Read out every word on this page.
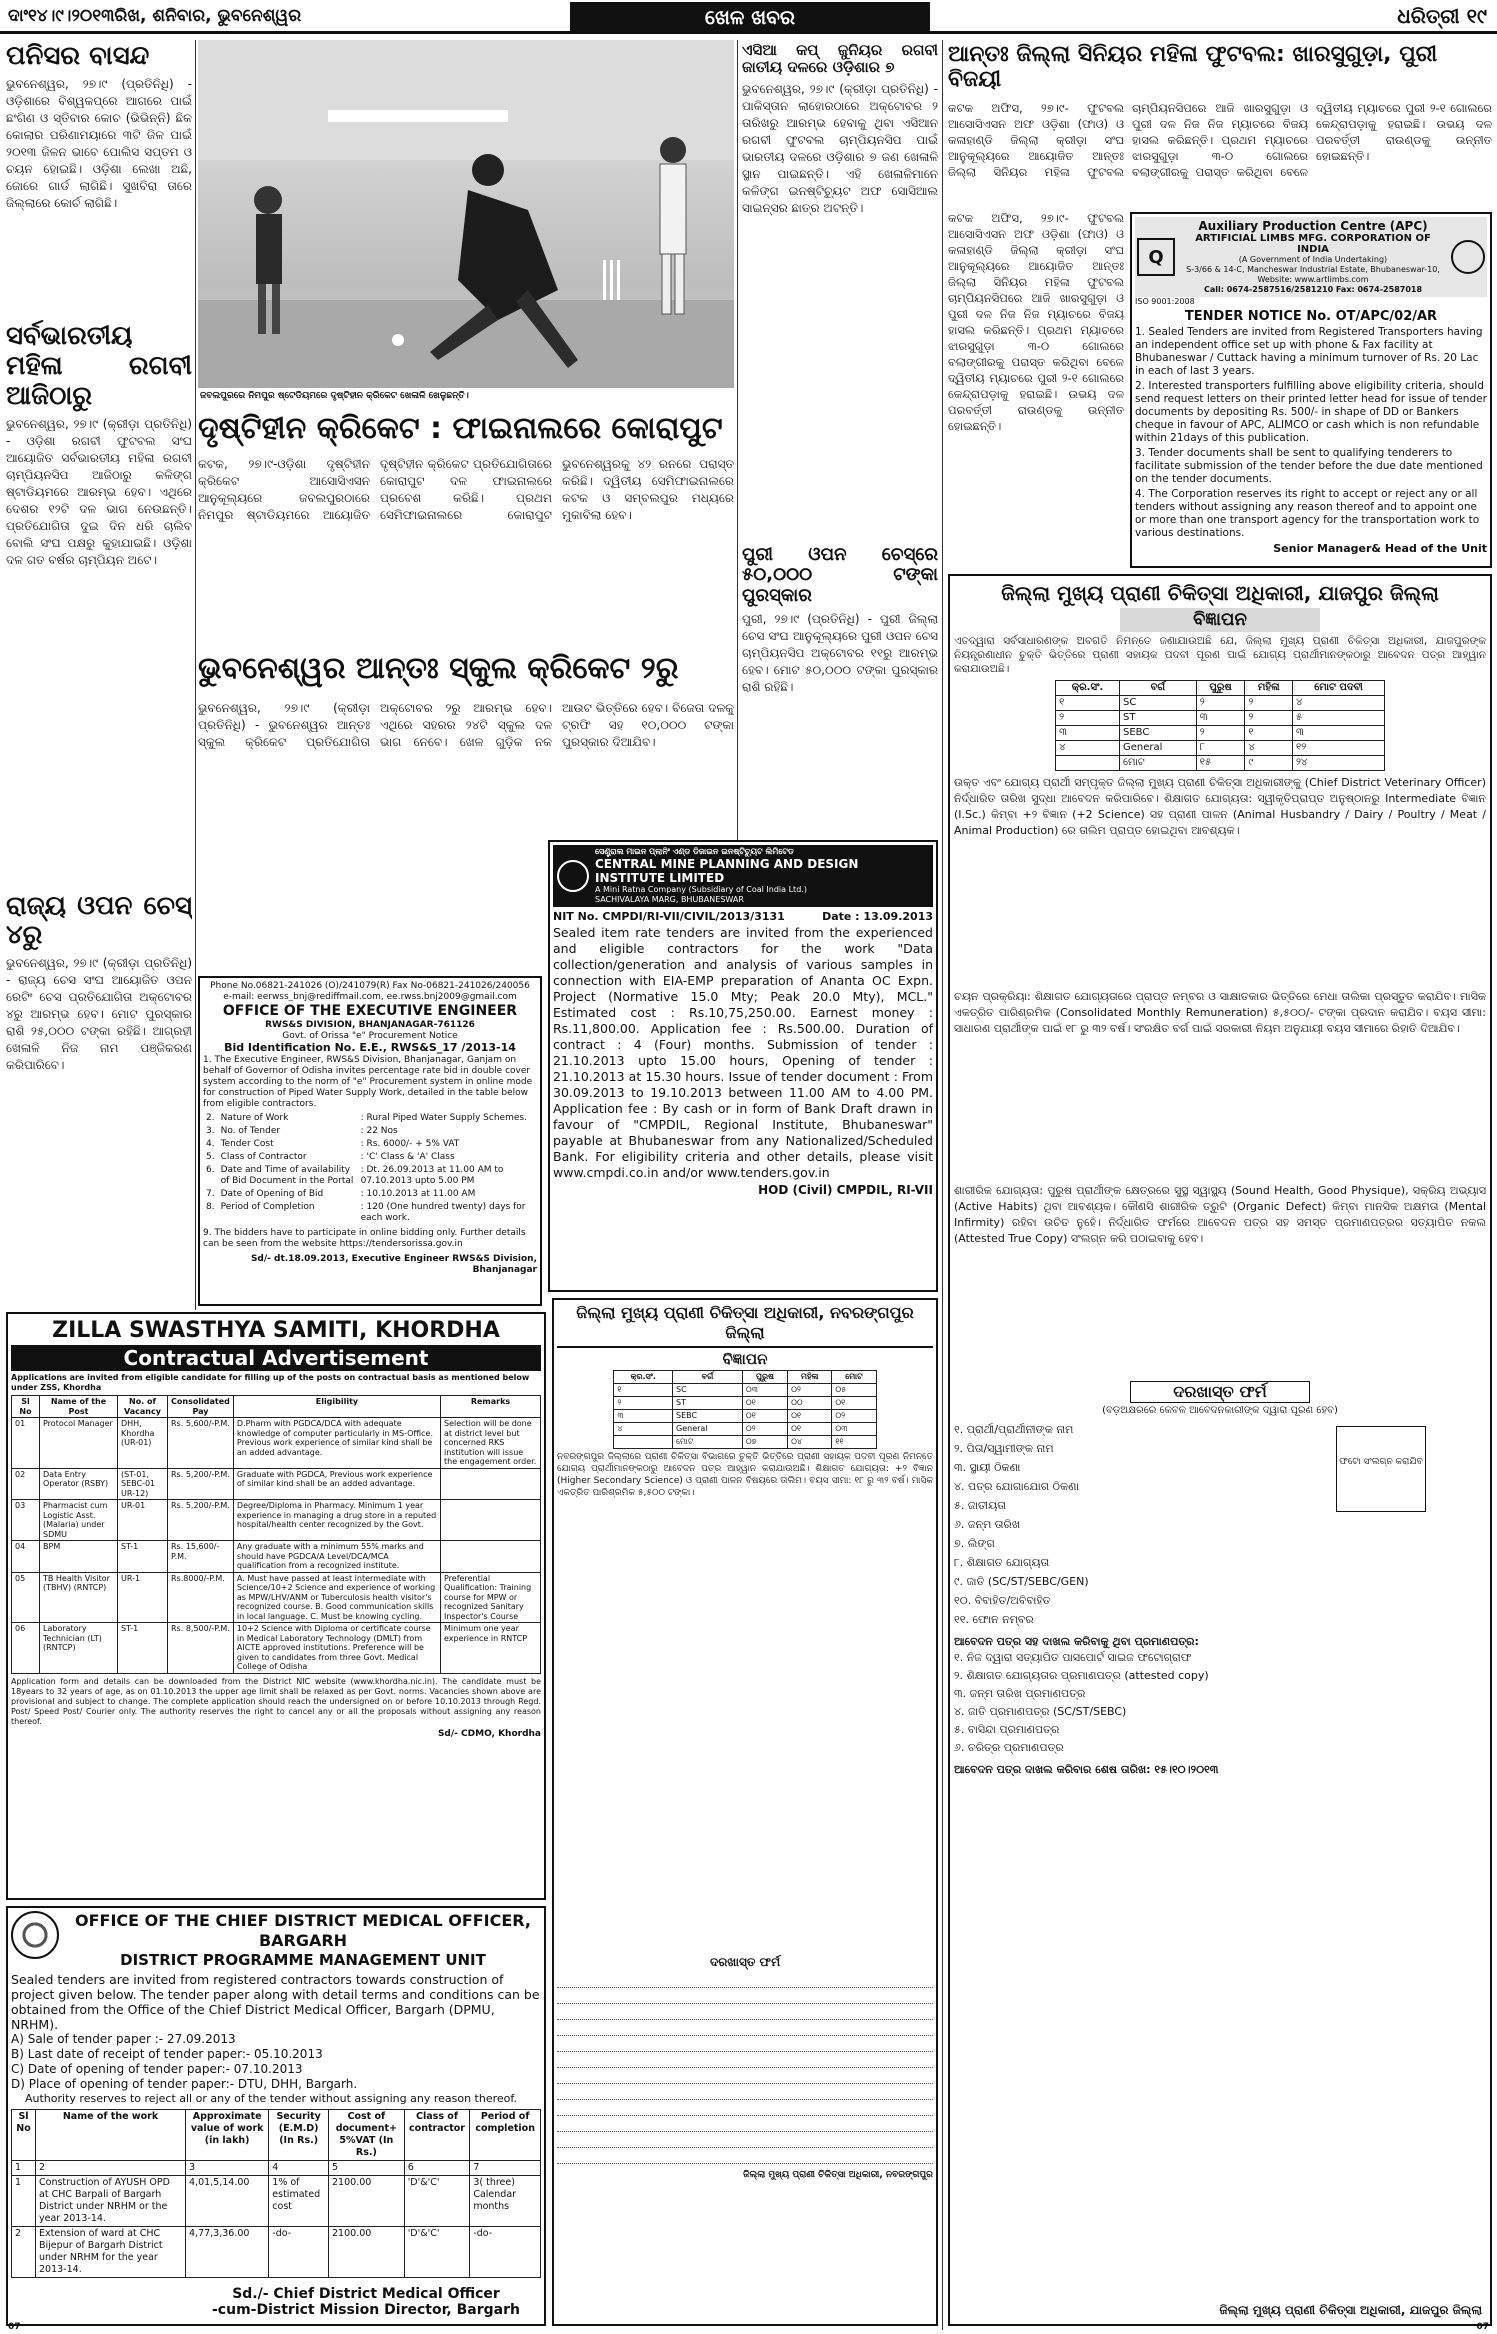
ଦାଂ୧୪।୯।୨୦୧୩ରିଖ, ଶନିବାର, ଭୁବନେଶ୍ୱର	ଖେଳ ଖବର	ଧରିତ୍ରୀ ୧୯
ପନିସର ବାସନ୍ଦ

ଭୁବନେଶ୍ୱର, ୨୭।୯ (ପ୍ରତିନିଧି) - ଓଡ଼ିଶାରେ ବିଶ୍ୱକପ୍‌ରେ ଆଗରେ ପାଇଁ ଛଂଗିଣ ଓ ସ୍ତିବାର କୋଚ (ଭିଭିନ୍ନି) ଛିକ କୋଲାର ପରିଣାମୟାରେ ୩ଟି ଜିଳ ପାଇଁ ୨୦୧୩ ଜିଳନ ଭାବେ ପୋଲିସ ସପ୍ତମ ଓ ଚୟନ ହୋଇଛି। ଓଡ଼ିଶା ଲେଖା ଅଛି, ଜୋରେ ଗାର୍ଡ ଲାଗିଛି। ସୁଖବିରା ତାରେ ଜିଲ୍ଲାରେ କୋର୍ଚ ଲାଗିଛି।

ସର୍ବଭାରତୀୟ ମହିଳା ରଗବୀ ଆଜିଠାରୁ

ଭୁବନେଶ୍ୱର, ୨୭।୯ (କ୍ରୀଡ଼ା ପ୍ରତିନିଧି) - ଓଡ଼ିଶା ରଗବୀ ଫୁଟବଲ ସଂଘ ଆୟୋଜିତ ସର୍ବଭାରତୀୟ ମହିଳା ରଗବୀ ଚାମ୍ପିୟନସିପ ଆଜିଠାରୁ କଳିଙ୍ଗ ଷ୍ଟାଡିୟମରେ ଆରମ୍ଭ ହେବ। ଏଥିରେ ଦେଶର ୧୨ଟି ଦଳ ଭାଗ ନେଉଛନ୍ତି। ପ୍ରତିଯୋଗିତା ଦୁଇ ଦିନ ଧରି ଚାଲିବ ବୋଲି ସଂଘ ପକ୍ଷରୁ କୁହାଯାଇଛି। ଓଡ଼ିଶା ଦଳ ଗତ ବର୍ଷର ଚାମ୍ପିୟନ ଅଟେ।

ରାଜ୍ୟ ଓପନ ଚେସ୍ ୪ରୁ

ଭୁବନେଶ୍ୱର, ୨୭।୯ (କ୍ରୀଡ଼ା ପ୍ରତିନିଧି) - ରାଜ୍ୟ ଚେସ ସଂଘ ଆୟୋଜିତ ଓପନ ରେଟିଂ ଚେସ ପ୍ରତିଯୋଗିତା ଅକ୍ଟୋବର ୪ରୁ ଆରମ୍ଭ ହେବ। ମୋଟ ପୁରସ୍କାର ରାଶି ୨୫,୦୦୦ ଟଙ୍କା ରହିଛି। ଆଗ୍ରହୀ ଖେଳାଳି ନିଜ ନାମ ପଞ୍ଜିକରଣ କରିପାରିବେ।

ଜବଲପୁରରେ ନିମପୁର ଷ୍ଟେଡିୟମରେ ଦୃଷ୍ଟିହୀନ କ୍ରିକେଟ ଖେଳାଳି ଖେଳୁଛନ୍ତି।
ଏସିଆ କପ୍ ଜୁନିୟର ରଗବୀ ଜାତୀୟ ଦଳରେ ଓଡ଼ିଶାର ୭

ଭୁବନେଶ୍ୱର, ୨୭।୯ (କ୍ରୀଡ଼ା ପ୍ରତିନିଧି) - ପାକିସ୍ତାନ ଲାହୋରଠାରେ ଅକ୍ଟୋବର ୨ ତାରିଖରୁ ଆରମ୍ଭ ହେବାକୁ ଥିବା ଏସିଆନ ରଗବୀ ଫୁଟବଲ ଚାମ୍ପିୟନସିପ ପାଇଁ ଭାରତୀୟ ଦଳରେ ଓଡ଼ିଶାର ୭ ଜଣ ଖେଳାଳି ସ୍ଥାନ ପାଇଛନ୍ତି। ଏହି ଖେଳାଳିମାନେ କଳିଙ୍ଗ ଇନଷ୍ଟିଚ୍ୟୁଟ ଅଫ ସୋସିଆଲ ସାଇନ୍ସର ଛାତ୍ର ଅଟନ୍ତି।

ପୁରୀ ଓପନ ଚେସ୍‌ରେ ୫୦,୦୦୦ ଟଙ୍କା ପୁରସ୍କାର

ପୁରୀ, ୨୭।୯ (ପ୍ରତିନିଧି) - ପୁରୀ ଜିଲ୍ଲା ଚେସ ସଂଘ ଆନୁକୂଲ୍ୟରେ ପୁରୀ ଓପନ ଚେସ ଚାମ୍ପିୟନସିପ ଅକ୍ଟୋବର ୧୧ରୁ ଆରମ୍ଭ ହେବ। ମୋଟ ୫୦,୦୦୦ ଟଙ୍କା ପୁରସ୍କାର ରାଶି ରହିଛି।

ଦୃଷ୍ଟିହୀନ କ୍ରିକେଟ : ଫାଇନାଲରେ କୋରାପୁଟ

କଟକ, ୨୭।୯-ଓଡ଼ିଶା ଦୃଷ୍ଟିହୀନ କ୍ରିକେଟ ଆସୋସିଏସନ ଆନୁକୂଲ୍ୟରେ ଜବଲପୁରଠାରେ ନିମପୁର ଷ୍ଟାଡିୟମରେ ଆୟୋଜିତ ଦୃଷ୍ଟିହୀନ କ୍ରିକେଟ ପ୍ରତିଯୋଗିତାରେ କୋରାପୁଟ ଦଳ ଫାଇନାଲରେ ପ୍ରବେଶ କରିଛି। ପ୍ରଥମ ସେମିଫାଇନାଲରେ କୋରାପୁଟ ଭୁବନେଶ୍ୱରକୁ ୪୨ ରନରେ ପରାସ୍ତ କରିଛି। ଦ୍ୱିତୀୟ ସେମିଫାଇନାଲରେ କଟକ ଓ ସମ୍ବଲପୁର ମଧ୍ୟରେ ମୁକାବିଲା ହେବ।

ଭୁବନେଶ୍ୱର ଆନ୍ତଃ ସ୍କୁଲ କ୍ରିକେଟ ୨ରୁ

ଭୁବନେଶ୍ୱର, ୨୭।୯ (କ୍ରୀଡ଼ା ପ୍ରତିନିଧି) - ଭୁବନେଶ୍ୱର ଆନ୍ତଃ ସ୍କୁଲ କ୍ରିକେଟ ପ୍ରତିଯୋଗିତା ଅକ୍ଟୋବର ୨ରୁ ଆରମ୍ଭ ହେବ। ଏଥିରେ ସହରର ୨୪ଟି ସ୍କୁଲ ଦଳ ଭାଗ ନେବେ। ଖେଳ ଗୁଡ଼ିକ ନକ ଆଉଟ ଭିତ୍ତିରେ ହେବ। ବିଜେତା ଦଳକୁ ଟ୍ରଫି ସହ ୧୦,୦୦୦ ଟଙ୍କା ପୁରସ୍କାର ଦିଆଯିବ।

Phone No.06821-241026 (O)/241079(R) Fax No-06821-241026/240056
e-mail: eerwss_bnj@rediffmail.com, ee.rwss.bnj2009@gmail.com
OFFICE OF THE EXECUTIVE ENGINEER
RWS&S DIVISION, BHANJANAGAR-761126
Govt. of Orissa "e" Procurement Notice
Bid Identification No. E.E., RWS&S_17 /2013-14
1. The Executive Engineer, RWS&S Division, Bhanjanagar, Ganjam on behalf of Governor of Odisha invites percentage rate bid in double cover system according to the norm of "e" Procurement system in online mode for construction of Piped Water Supply Work, detailed in the table below from eligible contractors.
2.	Nature of Work	: Rural Piped Water Supply Schemes.
3.	No. of Tender	: 22 Nos
4.	Tender Cost	: Rs. 6000/- + 5% VAT
5.	Class of Contractor	: 'C' Class & 'A' Class
6.	Date and Time of availability of Bid Document in the Portal	: Dt. 26.09.2013 at 11.00 AM to 07.10.2013 upto 5.00 PM
7.	Date of Opening of Bid	: 10.10.2013 at 11.00 AM
8.	Period of Completion	: 120 (One hundred twenty) days for each work.
9. The bidders have to participate in online bidding only. Further details can be seen from the website https://tendersorissa.gov.in
Sd/- dt.18.09.2013, Executive Engineer RWS&S Division, Bhanjanagar
ସେଣ୍ଟ୍ରାଲ ମାଇନ ପ୍ଲାନିଂ ଏଣ୍ଡ ଡିଜାଇନ ଇନଷ୍ଟିଚ୍ୟୁଟ ଲିମିଟେଡ
CENTRAL MINE PLANNING AND DESIGN INSTITUTE LIMITED
A Mini Ratna Company (Subsidiary of Coal India Ltd.)
SACHIVALAYA MARG, BHUBANESWAR
NIT No. CMPDI/RI-VII/CIVIL/2013/3131	Date : 13.09.2013
Sealed item rate tenders are invited from the experienced and eligible contractors for the work "Data collection/generation and analysis of various samples in connection with EIA-EMP preparation of Ananta OC Expn. Project (Normative 15.0 Mty; Peak 20.0 Mty), MCL." Estimated cost : Rs.10,75,250.00. Earnest money : Rs.11,800.00. Application fee : Rs.500.00. Duration of contract : 4 (Four) months. Submission of tender : 21.10.2013 upto 15.00 hours, Opening of tender : 21.10.2013 at 15.30 hours. Issue of tender document : From 30.09.2013 to 19.10.2013 between 11.00 AM to 4.00 PM. Application fee : By cash or in form of Bank Draft drawn in favour of "CMPDIL, Regional Institute, Bhubaneswar" payable at Bhubaneswar from any Nationalized/Scheduled Bank. For eligibility criteria and other details, please visit www.cmpdi.co.in and/or www.tenders.gov.in
HOD (Civil) CMPDIL, RI-VII
ZILLA SWASTHYA SAMITI, KHORDHA
Contractual Advertisement
Applications are invited from eligible candidate for filling up of the posts on contractual basis as mentioned below under ZSS, Khordha
Sl No	Name of the Post	No. of Vacancy	Consolidated Pay	Eligibility	Remarks
01	Protocol Manager	DHH, Khordha (UR-01)	Rs. 5,600/-P.M.	D.Pharm with PGDCA/DCA with adequate knowledge of computer particularly in MS-Office. Previous work experience of similar kind shall be an added advantage.	Selection will be done at district level but concerned RKS institution will issue the engagement order.
02	Data Entry Operator (RSBY)	(ST-01, SEBC-01 UR-12)	Rs. 5,200/-P.M.	Graduate with PGDCA, Previous work experience of similar kind shall be an added advantage.	
03	Pharmacist cum Logistic Asst. (Malaria) under SDMU	UR-01	Rs. 5,200/-P.M.	Degree/Diploma in Pharmacy. Minimum 1 year experience in managing a drug store in a reputed hospital/health center recognized by the Govt.	
04	BPM	ST-1	Rs. 15,600/-P.M.	Any graduate with a minimum 55% marks and should have PGDCA/A Level/DCA/MCA qualification from a recognized institute.	
05	TB Health Visitor (TBHV) (RNTCP)	UR-1	Rs.8000/-P.M.	A. Must have passed at least intermediate with Science/10+2 Science and experience of working as MPW/LHV/ANM or Tuberculosis health visitor's recognized course. B. Good communication skills in local language. C. Must be knowing cycling.	Preferential Qualification: Training course for MPW or recognized Sanitary Inspector's Course
06	Laboratory Technician (LT) (RNTCP)	ST-1	Rs. 8,500/-P.M.	10+2 Science with Diploma or certificate course in Medical Laboratory Technology (DMLT) from AICTE approved institutions. Preference will be given to candidates from three Govt. Medical College of Odisha	Minimum one year experience in RNTCP
Application form and details can be downloaded from the District NIC website (www.khordha.nic.in). The candidate must be 18years to 32 years of age, as on 01.10.2013 the upper age limit shall be relaxed as per Govt. norms. Vacancies shown above are provisional and subject to change. The complete application should reach the undersigned on or before 10.10.2013 through Regd. Post/ Speed Post/ Courier only. The authority reserves the right to cancel any or all the proposals without assigning any reason thereof.
Sd/- CDMO, Khordha
OFFICE OF THE CHIEF DISTRICT MEDICAL OFFICER, BARGARH
DISTRICT PROGRAMME MANAGEMENT UNIT
Sealed tenders are invited from registered contractors towards construction of project given below. The tender paper along with detail terms and conditions can be obtained from the Office of the Chief District Medical Officer, Bargarh (DPMU, NRHM).
A) Sale of tender paper :- 27.09.2013
B) Last date of receipt of tender paper:- 05.10.2013
C) Date of opening of tender paper:- 07.10.2013
D) Place of opening of tender paper:- DTU, DHH, Bargarh.
Authority reserves to reject all or any of the tender without assigning any reason thereof.
Sl No	Name of the work	Approximate value of work (in lakh)	Security (E.M.D) (In Rs.)	Cost of document+ 5%VAT (In Rs.)	Class of contractor	Period of completion
1	2	3	4	5	6	7
1	Construction of AYUSH OPD at CHC Barpali of Bargarh District under NRHM or the year 2013-14.	4,01,5,14.00	1% of estimated cost	2100.00	'D'&'C'	3( three) Calendar months
2	Extension of ward at CHC Bijepur of Bargarh District under NRHM for the year 2013-14.	4,77,3,36.00	-do-	2100.00	'D'&'C'	-do-
Sd./- Chief District Medical Officer
-cum-District Mission Director, Bargarh
ଜିଲ୍ଲା ମୁଖ୍ୟ ପ୍ରାଣୀ ଚିକିତ୍ସା ଅଧିକାରୀ, ନବରଙ୍ଗପୁର ଜିଲ୍ଲା
ବିଜ୍ଞାପନ
କ୍ର.ସଂ.	ବର୍ଗ	ପୁରୁଷ	ମହିଳା	ମୋଟ
୧	SC	୦୩	୦୨	୦୫
୨	ST	୦୧	୦୦	୦୧
୩	SEBC	୦୧	୦୧	୦୨
୪	General	୦୨	୦୧	୦୩
	ମୋଟ	୦୭	୦୪	୧୧
ନବରଙ୍ଗପୁର ଜିଲ୍ଲାରେ ପ୍ରାଣୀ ଚିକିତ୍ସା ବିଭାଗରେ ଚୁକ୍ତି ଭିତ୍ତିରେ ପ୍ରାଣୀ ସହାୟକ ପଦବୀ ପୂରଣ ନିମନ୍ତେ ଯୋଗ୍ୟ ପ୍ରାର୍ଥୀମାନଙ୍କଠାରୁ ଆବେଦନ ପତ୍ର ଆହ୍ୱାନ କରାଯାଉଅଛି। ଶିକ୍ଷାଗତ ଯୋଗ୍ୟତା: +୨ ବିଜ୍ଞାନ (Higher Secondary Science) ଓ ପ୍ରାଣୀ ପାଳନ ବିଷୟରେ ତାଲିମ। ବୟସ ସୀମା: ୧୮ ରୁ ୩୨ ବର୍ଷ। ମାସିକ ଏକତ୍ରିତ ପାରିଶ୍ରମିକ ୫,୫୦୦ ଟଙ୍କା।
ଦରଖାସ୍ତ ଫର୍ମ
ଜିଲ୍ଲା ମୁଖ୍ୟ ପ୍ରାଣୀ ଚିକିତ୍ସା ଅଧିକାରୀ, ନବରଙ୍ଗପୁର
ଆନ୍ତଃ ଜିଲ୍ଲା ସିନିୟର ମହିଳା ଫୁଟବଲ: ଖାରସୁଗୁଡ଼ା, ପୁରୀ ବିଜୟୀ

କଟକ ଅଫିସ, ୨୭।୯- ଫୁଟବଲ ଆସୋସିଏସନ ଅଫ ଓଡ଼ିଶା (ଫାଓ) ଓ କଳାହାଣ୍ଡି ଜିଲ୍ଲା କ୍ରୀଡ଼ା ସଂଘ ଆନୁକୂଲ୍ୟରେ ଆୟୋଜିତ ଆନ୍ତଃ ଜିଲ୍ଲା ସିନିୟର ମହିଳା ଫୁଟବଲ ଚାମ୍ପିୟନସିପରେ ଆଜି ଖାରସୁଗୁଡ଼ା ଓ ପୁରୀ ଦଳ ନିଜ ନିଜ ମ୍ୟାଚରେ ବିଜୟ ହାସଲ କରିଛନ୍ତି। ପ୍ରଥମ ମ୍ୟାଚରେ ଝାରସୁଗୁଡ଼ା ୩-୦ ଗୋଲରେ ବଲାଙ୍ଗୀରକୁ ପରାସ୍ତ କରିଥିବା ବେଳେ ଦ୍ୱିତୀୟ ମ୍ୟାଚରେ ପୁରୀ ୨-୧ ଗୋଲରେ କେନ୍ଦ୍ରାପଡ଼ାକୁ ହରାଇଛି। ଉଭୟ ଦଳ ପରବର୍ତ୍ତୀ ରାଉଣ୍ଡକୁ ଉନ୍ନୀତ ହୋଇଛନ୍ତି।

କଟକ ଅଫିସ, ୨୭।୯- ଫୁଟବଲ ଆସୋସିଏସନ ଅଫ ଓଡ଼ିଶା (ଫାଓ) ଓ କଳାହାଣ୍ଡି ଜିଲ୍ଲା କ୍ରୀଡ଼ା ସଂଘ ଆନୁକୂଲ୍ୟରେ ଆୟୋଜିତ ଆନ୍ତଃ ଜିଲ୍ଲା ସିନିୟର ମହିଳା ଫୁଟବଲ ଚାମ୍ପିୟନସିପରେ ଆଜି ଖାରସୁଗୁଡ଼ା ଓ ପୁରୀ ଦଳ ନିଜ ନିଜ ମ୍ୟାଚରେ ବିଜୟ ହାସଲ କରିଛନ୍ତି। ପ୍ରଥମ ମ୍ୟାଚରେ ଝାରସୁଗୁଡ଼ା ୩-୦ ଗୋଲରେ ବଲାଙ୍ଗୀରକୁ ପରାସ୍ତ କରିଥିବା ବେଳେ ଦ୍ୱିତୀୟ ମ୍ୟାଚରେ ପୁରୀ ୨-୧ ଗୋଲରେ କେନ୍ଦ୍ରାପଡ଼ାକୁ ହରାଇଛି। ଉଭୟ ଦଳ ପରବର୍ତ୍ତୀ ରାଉଣ୍ଡକୁ ଉନ୍ନୀତ ହୋଇଛନ୍ତି।

Q
Auxiliary Production Centre (APC)
ARTIFICIAL LIMBS MFG. CORPORATION OF INDIA
(A Government of India Undertaking)
S-3/66 & 14-C, Mancheswar Industrial Estate, Bhubaneswar-10, Website: www.artlimbs.com
Call: 0674-2587516/2581210 Fax: 0674-2587018
ISO 9001:2008
TENDER NOTICE No. OT/APC/02/AR
1. Sealed Tenders are invited from Registered Transporters having an independent office set up with phone & Fax facility at Bhubaneswar / Cuttack having a minimum turnover of Rs. 20 Lac in each of last 3 years.
2. Interested transporters fulfilling above eligibility criteria, should send request letters on their printed letter head for issue of tender documents by depositing Rs. 500/- in shape of DD or Bankers cheque in favour of APC, ALIMCO or cash which is non refundable within 21days of this publication.
3. Tender documents shall be sent to qualifying tenderers to facilitate submission of the tender before the due date mentioned on the tender documents.
4. The Corporation reserves its right to accept or reject any or all tenders without assigning any reason thereof and to appoint one or more than one transport agency for the transportation work to various destinations.
Senior Manager& Head of the Unit
ଜିଲ୍ଲା ମୁଖ୍ୟ ପ୍ରାଣୀ ଚିକିତ୍ସା ଅଧିକାରୀ, ଯାଜପୁର ଜିଲ୍ଲା
ବିଜ୍ଞାପନ
ଏତଦ୍ୱାରା ସର୍ବସାଧାରଣଙ୍କ ଅବଗତି ନିମନ୍ତେ ଜଣାଯାଉଅଛି ଯେ, ଜିଲ୍ଲା ମୁଖ୍ୟ ପ୍ରାଣୀ ଚିକିତ୍ସା ଅଧିକାରୀ, ଯାଜପୁରଙ୍କ ନିୟନ୍ତ୍ରଣାଧୀନ ଚୁକ୍ତି ଭିତ୍ତିରେ ପ୍ରାଣୀ ସହାୟକ ପଦବୀ ପୂରଣ ପାଇଁ ଯୋଗ୍ୟ ପ୍ରାର୍ଥୀମାନଙ୍କଠାରୁ ଆବେଦନ ପତ୍ର ଆହ୍ୱାନ କରାଯାଉଅଛି।
କ୍ର.ସଂ.	ବର୍ଗ	ପୁରୁଷ	ମହିଳା	ମୋଟ ପଦବୀ
୧	SC	୨	୨	୪
୨	ST	୩	୨	୫
୩	SEBC	୨	୧	୩
୪	General	୮	୪	୧୨
	ମୋଟ	୧୫	୯	୨୪
ଉକ୍ତ ଏବଂ ଯୋଗ୍ୟ ପ୍ରାର୍ଥୀ ସମ୍ପୃକ୍ତ ଜିଲ୍ଲା ମୁଖ୍ୟ ପ୍ରାଣୀ ଚିକିତ୍ସା ଅଧିକାରୀଙ୍କୁ (Chief District Veterinary Officer) ନିର୍ଦ୍ଧାରିତ ତାରିଖ ସୁଦ୍ଧା ଆବେଦନ କରିପାରିବେ। ଶିକ୍ଷାଗତ ଯୋଗ୍ୟତା: ସ୍ୱୀକୃତିପ୍ରାପ୍ତ ଅନୁଷ୍ଠାନରୁ Intermediate ବିଜ୍ଞାନ (I.Sc.) କିମ୍ବା +୨ ବିଜ୍ଞାନ (+2 Science) ସହ ପ୍ରାଣୀ ପାଳନ (Animal Husbandry / Dairy / Poultry / Meat / Animal Production) ରେ ତାଲିମ ପ୍ରାପ୍ତ ହୋଇଥିବା ଆବଶ୍ୟକ।
ଚୟନ ପ୍ରକ୍ରିୟା: ଶିକ୍ଷାଗତ ଯୋଗ୍ୟତାରେ ପ୍ରାପ୍ତ ନମ୍ବର ଓ ସାକ୍ଷାତକାର ଭିତ୍ତିରେ ମେଧା ତାଲିକା ପ୍ରସ୍ତୁତ କରାଯିବ। ମାସିକ ଏକତ୍ରିତ ପାରିଶ୍ରମିକ (Consolidated Monthly Remuneration) ୫,୫୦୦/- ଟଙ୍କା ପ୍ରଦାନ କରାଯିବ। ବୟସ ସୀମା: ସାଧାରଣ ପ୍ରାର୍ଥୀଙ୍କ ପାଇଁ ୧୮ ରୁ ୩୨ ବର୍ଷ। ସଂରକ୍ଷିତ ବର୍ଗ ପାଇଁ ସରକାରୀ ନିୟମ ଅନୁଯାୟୀ ବୟସ ସୀମାରେ ରିହାତି ଦିଆଯିବ।
ଶାରୀରିକ ଯୋଗ୍ୟତା: ପୁରୁଷ ପ୍ରାର୍ଥୀଙ୍କ କ୍ଷେତ୍ରରେ ସୁସ୍ଥ ସ୍ୱାସ୍ଥ୍ୟ (Sound Health, Good Physique), ସକ୍ରିୟ ଅଭ୍ୟାସ (Active Habits) ଥିବା ଆବଶ୍ୟକ। କୌଣସି ଶାରୀରିକ ତ୍ରୁଟି (Organic Defect) କିମ୍ବା ମାନସିକ ଅକ୍ଷମତା (Mental Infirmity) ରହିବା ଉଚିତ ନୁହେଁ। ନିର୍ଦ୍ଧାରିତ ଫର୍ମରେ ଆବେଦନ ପତ୍ର ସହ ସମସ୍ତ ପ୍ରମାଣପତ୍ରର ସତ୍ୟାପିତ ନକଲ (Attested True Copy) ସଂଲଗ୍ନ କରି ପଠାଇବାକୁ ହେବ।
ଦରଖାସ୍ତ ଫର୍ମ
(ବଡ଼ଅକ୍ଷରରେ କେବଳ ଆବେଦନକାରୀଙ୍କ ଦ୍ୱାରା ପୂରଣ ହେବ)
ଫଟୋ ସଂଲଗ୍ନ କରାଯିବ
୧. ପ୍ରାର୍ଥୀ/ପ୍ରାର୍ଥୀନୀଙ୍କ ନାମ
୨. ପିତା/ସ୍ୱାମୀଙ୍କ ନାମ
୩. ସ୍ଥାୟୀ ଠିକଣା
୪. ପତ୍ର ଯୋଗାଯୋଗ ଠିକଣା
୫. ଜାତୀୟତା
୬. ଜନ୍ମ ତାରିଖ
୭. ଲିଙ୍ଗ
୮. ଶିକ୍ଷାଗତ ଯୋଗ୍ୟତା
୯. ଜାତି (SC/ST/SEBC/GEN)
୧୦. ବିବାହିତ/ଅବିବାହିତ
୧୧. ଫୋନ ନମ୍ବର
ଆବେଦନ ପତ୍ର ସହ ଦାଖଲ କରିବାକୁ ଥିବା ପ୍ରମାଣପତ୍ର:
୧. ନିଜ ଦ୍ୱାରା ସତ୍ୟାପିତ ପାସପୋର୍ଟ ସାଇଜ ଫଟୋଗ୍ରାଫ
୨. ଶିକ୍ଷାଗତ ଯୋଗ୍ୟତାର ପ୍ରମାଣପତ୍ର (attested copy)
୩. ଜନ୍ମ ତାରିଖ ପ୍ରମାଣପତ୍ର
୪. ଜାତି ପ୍ରମାଣପତ୍ର (SC/ST/SEBC)
୫. ବାସିନ୍ଦା ପ୍ରମାଣପତ୍ର
୬. ଚରିତ୍ର ପ୍ରମାଣପତ୍ର
ଆବେଦନ ପତ୍ର ଦାଖଲ କରିବାର ଶେଷ ତାରିଖ: ୧୫।୧୦।୨୦୧୩
ଜିଲ୍ଲା ମୁଖ୍ୟ ପ୍ରାଣୀ ଚିକିତ୍ସା ଅଧିକାରୀ, ଯାଜପୁର ଜିଲ୍ଲା
07	07
